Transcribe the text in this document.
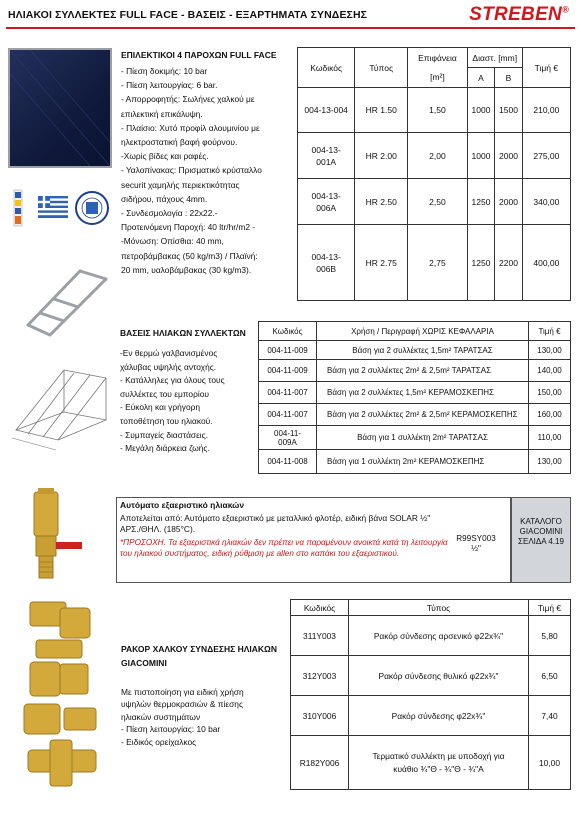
ΗΛΙΑΚΟΙ ΣΥΛΛΕΚΤΕΣ FULL FACE - ΒΑΣΕΙΣ - ΕΞΑΡΤΗΜΑΤΑ ΣΥΝΔΕΣΗΣ	STREBEN®
ΕΠΙΛΕΚΤΙΚΟΙ 4 ΠΑΡΟΧΩΝ FULL FACE
- Πίεση δοκιμής: 10 bar
- Πίεση λειτουργίας: 6 bar.
- Απορροφητής: Σωλήνες χαλκού με
επιλεκτική επικάλυψη.
- Πλαίσιο: Χυτό προφίλ αλουμινίου με
ηλεκτροστατική βαφή φούρνου.
-Χωρίς βίδες και ραφές.
- Υαλοπίνακας: Πρισματικό κρύσταλλο
securit χαμηλής περιεκτικότητας
σιδήρου, πάχους 4mm.
- Συνδεσμολογία : 22x22.-
Προτεινόμενη Παροχή: 40 ltr/hr/m2 -
-Μόνωση: Οπίσθια: 40 mm,
πετροβάμβακας (50 kg/m3) / Πλαϊνή:
20 mm, υαλοβάμβακας (30 kg/m3).
Κωδικός	Τύπος	Επιφάνεια	Διαστ. [mm]		Τιμή €
		[m²]	A	B	
004-13-004	HR 1.50	1,50	1000	1500	210,00
004-13-001A	HR 2.00	2,00	1000	2000	275,00
004-13-006A	HR 2.50	2,50	1250	2000	340,00
004-13-006B	HR 2.75	2,75	1250	2200	400,00
ΒΑΣΕΙΣ ΗΛΙΑΚΩΝ ΣΥΛΛΕΚΤΩΝ
-Εν θερμώ γαλβανισμένος
χάλυβας υψηλής αντοχής.
- Κατάλληλες για όλους τους
συλλέκτες του εμπορίου
- Εύκολη και γρήγορη
τοποθέτηση του ηλιακού.
- Συμπαγείς διαστάσεις.
- Μεγάλη διάρκεια ζωής.
Κωδικός	Χρήση / Περιγραφή ΧΩΡΙΣ ΚΕΦΑΛΑΡΙΑ	Τιμή €
004-11-009	Βάση για 2 συλλέκτες 1,5m² ΤΑΡΑΤΣΑΣ	130,00
004-11-009	Βάση για 2 συλλέκτες 2m² & 2,5m² ΤΑΡΑΤΣΑΣ	140,00
004-11-007	Βάση για 2 συλλέκτες 1,5m² ΚΕΡΑΜΟΣΚΕΠΗΣ	150,00
004-11-007	Βάση για 2 συλλέκτες 2m² & 2,5m² ΚΕΡΑΜΟΣΚΕΠΗΣ	160,00
004-11-009A	Βάση για 1 συλλέκτη 2m² ΤΑΡΑΤΣΑΣ	110,00
004-11-008	Βάση για 1 συλλέκτη 2m² ΚΕΡΑΜΟΣΚΕΠΗΣ	130,00
ΚΑΤΑΛΟΓΟ GIACOMINI ΣΕΛΙΔΑ 4.19
Αυτόματο εξαεριστικό ηλιακών
Αποτελείται από: Αυτόματο εξαεριστικό με μεταλλικό φλοτέρ, ειδική βάνα SOLAR ½" ΑΡΣ./ΘΗΛ. (185°C).
*ΠΡΟΣΟΧΗ. Τα εξαεριστικά ηλιακών δεν πρέπει να παραμένουν ανοικτά κατά τη λειτουργία του ηλιακού συστήματος, ειδική ρύθμιση με allen στο καπάκι του εξαεριστικού.
R99SY003
½"
ΡΑΚΟΡ ΧΑΛΚΟΥ ΣΥΝΔΕΣΗΣ ΗΛΙΑΚΩΝ GIACOMINI
Με πιστοποίηση για ειδική χρήση
υψηλών θερμοκρασιών & πίεσης
ηλιακών συστημάτων
- Πίεση λειτουργίας: 10 bar
- Ειδικός ορείχαλκος
Κωδικός	Τύπος	Τιμή €
311Y003	Ρακόρ σύνδεσης αρσενικό φ22x¾"	5,80
312Y003	Ρακόρ σύνδεσης θυλικό φ22x¾"	6,50
310Y006	Ρακόρ σύνδεσης φ22x¾"	7,40
R182Y006	Τερματικό συλλέκτη με υποδοχή για κυάθιο ¾"Θ - ¾"Θ - ¾"Α	10,00
